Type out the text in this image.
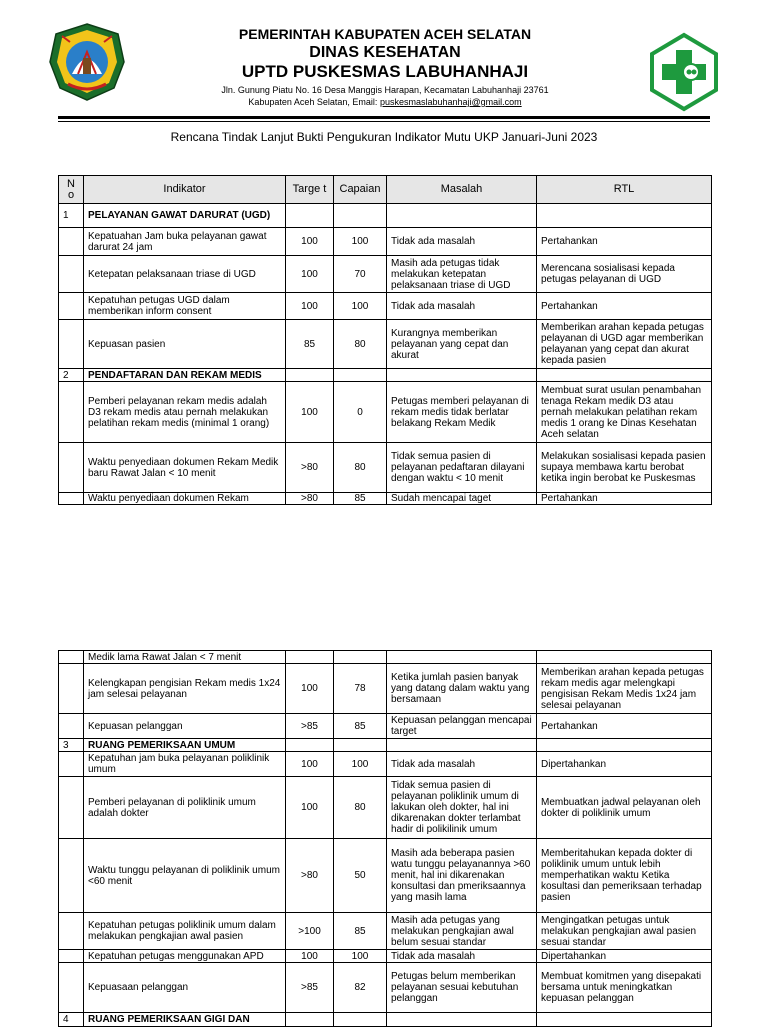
PEMERINTAH KABUPATEN ACEH SELATAN
DINAS KESEHATAN
UPTD PUSKESMAS LABUHANHAJI
Jln. Gunung Piatu No. 16 Desa Manggis Harapan, Kecamatan Labuhanhaji 23761
Kabupaten Aceh Selatan, Email: puskesmaslabuhanhaji@gmail.com
Rencana Tindak Lanjut Bukti Pengukuran Indikator Mutu UKP Januari-Juni 2023
N o	Indikator	Targe t	Capaian	Masalah	RTL
1	PELAYANAN GAWAT DARURAT (UGD)				
	Kepatuahan Jam buka pelayanan gawat darurat 24 jam	100	100	Tidak ada masalah	Pertahankan
	Ketepatan pelaksanaan triase di UGD	100	70	Masih ada petugas tidak melakukan ketepatan pelaksanaan triase di UGD	Merencana sosialisasi kepada petugas pelayanan di UGD
	Kepatuhan petugas UGD dalam memberikan inform consent	100	100	Tidak ada masalah	Pertahankan
	Kepuasan pasien	85	80	Kurangnya memberikan pelayanan yang cepat dan akurat	Memberikan arahan kepada petugas pelayanan di UGD agar memberikan pelayanan yang cepat dan akurat kepada pasien
2	PENDAFTARAN DAN REKAM MEDIS				
	Pemberi pelayanan rekam medis adalah D3 rekam medis atau pernah melakukan pelatihan rekam medis (minimal 1 orang)	100	0	Petugas memberi pelayanan di rekam medis tidak berlatar belakang Rekam Medik	Membuat surat usulan penambahan tenaga Rekam medik D3 atau pernah melakukan pelatihan rekam medis 1 orang ke Dinas Kesehatan Aceh selatan
	Waktu penyediaan dokumen Rekam Medik baru Rawat Jalan < 10 menit	>80	80	Tidak semua pasien di pelayanan pedaftaran dilayani dengan waktu < 10 menit	Melakukan sosialisasi kepada pasien supaya membawa kartu berobat ketika ingin berobat ke Puskesmas
	Waktu penyediaan dokumen Rekam	>80	85	Sudah mencapai taget	Pertahankan
	Medik lama Rawat Jalan < 7 menit				
	Kelengkapan pengisian Rekam medis 1x24 jam selesai pelayanan	100	78	Ketika jumlah pasien banyak yang datang dalam waktu yang bersamaan	Memberikan arahan kepada petugas rekam medis agar melengkapi pengisisan Rekam Medis 1x24 jam selesai pelayanan
	Kepuasan pelanggan	>85	85	Kepuasan pelanggan mencapai target	Pertahankan
3	RUANG PEMERIKSAAN UMUM				
	Kepatuhan jam buka pelayanan poliklinik umum	100	100	Tidak ada masalah	Dipertahankan
	Pemberi pelayanan di poliklinik umum adalah dokter	100	80	Tidak semua pasien di pelayanan poliklinik umum di lakukan oleh dokter, hal ini dikarenakan dokter terlambat hadir di polikilinik umum	Membuatkan jadwal pelayanan oleh dokter di poliklinik umum
	Waktu tunggu pelayanan di poliklinik umum <60 menit	>80	50	Masih ada beberapa pasien watu tunggu pelayanannya >60 menit, hal ini dikarenakan konsultasi dan pmeriksaannya yang masih lama	Memberitahukan kepada dokter di poliklinik umum untuk lebih memperhatikan waktu Ketika kosultasi dan pemeriksaan terhadap pasien
	Kepatuhan petugas poliklinik umum dalam melakukan pengkajian awal pasien	>100	85	Masih ada petugas yang melakukan pengkajian awal belum sesuai standar	Mengingatkan petugas untuk melakukan pengkajian awal pasien sesuai standar
	Kepatuhan petugas menggunakan APD	100	100	Tidak ada masalah	Dipertahankan
	Kepuasaan pelanggan	>85	82	Petugas belum memberikan pelayanan sesuai kebutuhan pelanggan	Membuat komitmen yang disepakati bersama untuk meningkatkan kepuasan pelanggan
4	RUANG PEMERIKSAAN GIGI DAN				
